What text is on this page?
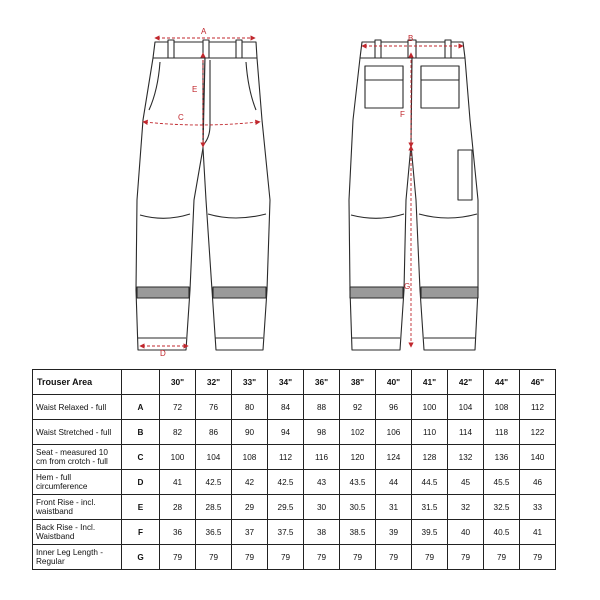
A
E
C
D
B
F
G
Trouser Area		30"	32"	33"	34"	36"	38"	40"	41"	42"	44"	46"
Waist Relaxed - full	A	72	76	80	84	88	92	96	100	104	108	112
Waist Stretched - full	B	82	86	90	94	98	102	106	110	114	118	122
Seat - measured 10 cm from crotch - full	C	100	104	108	112	116	120	124	128	132	136	140
Hem - full circumference	D	41	42.5	42	42.5	43	43.5	44	44.5	45	45.5	46
Front Rise - incl. waistband	E	28	28.5	29	29.5	30	30.5	31	31.5	32	32.5	33
Back Rise - Incl. Waistband	F	36	36.5	37	37.5	38	38.5	39	39.5	40	40.5	41
Inner Leg Length - Regular	G	79	79	79	79	79	79	79	79	79	79	79
